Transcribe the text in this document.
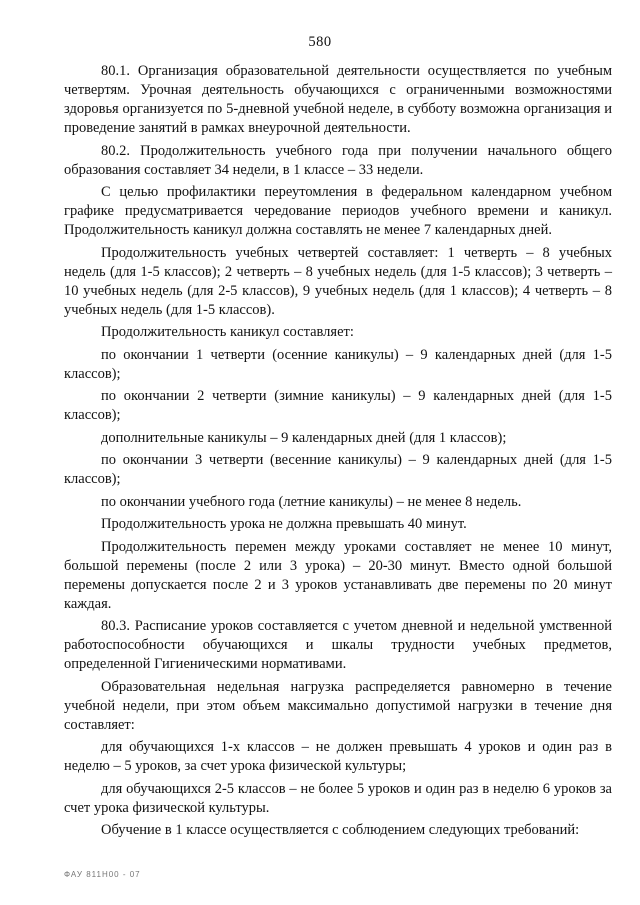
580

80.1. Организация образовательной деятельности осуществляется по учебным четвертям. Урочная деятельность обучающихся с ограниченными возможностями здоровья организуется по 5-дневной учебной неделе, в субботу возможна организация и проведение занятий в рамках внеурочной деятельности.

80.2. Продолжительность учебного года при получении начального общего образования составляет 34 недели, в 1 классе – 33 недели.

С целью профилактики переутомления в федеральном календарном учебном графике предусматривается чередование периодов учебного времени и каникул. Продолжительность каникул должна составлять не менее 7 календарных дней.

Продолжительность учебных четвертей составляет: 1 четверть – 8 учебных недель (для 1-5 классов); 2 четверть – 8 учебных недель (для 1-5 классов); 3 четверть – 10 учебных недель (для 2-5 классов), 9 учебных недель (для 1 классов); 4 четверть – 8 учебных недель (для 1-5 классов).

Продолжительность каникул составляет:

по окончании 1 четверти (осенние каникулы) – 9 календарных дней (для 1-5 классов);

по окончании 2 четверти (зимние каникулы) – 9 календарных дней (для 1-5 классов);

дополнительные каникулы – 9 календарных дней (для 1 классов);

по окончании 3 четверти (весенние каникулы) – 9 календарных дней (для 1-5 классов);

по окончании учебного года (летние каникулы) – не менее 8 недель.

Продолжительность урока не должна превышать 40 минут.

Продолжительность перемен между уроками составляет не менее 10 минут, большой перемены (после 2 или 3 урока) – 20-30 минут. Вместо одной большой перемены допускается после 2 и 3 уроков устанавливать две перемены по 20 минут каждая.

80.3. Расписание уроков составляется с учетом дневной и недельной умственной работоспособности обучающихся и шкалы трудности учебных предметов, определенной Гигиеническими нормативами.

Образовательная недельная нагрузка распределяется равномерно в течение учебной недели, при этом объем максимально допустимой нагрузки в течение дня составляет:

для обучающихся 1-х классов – не должен превышать 4 уроков и один раз в неделю – 5 уроков, за счет урока физической культуры;

для обучающихся 2-5 классов – не более 5 уроков и один раз в неделю 6 уроков за счет урока физической культуры.

Обучение в 1 классе осуществляется с соблюдением следующих требований:

ФАУ 811Н00 - 07
